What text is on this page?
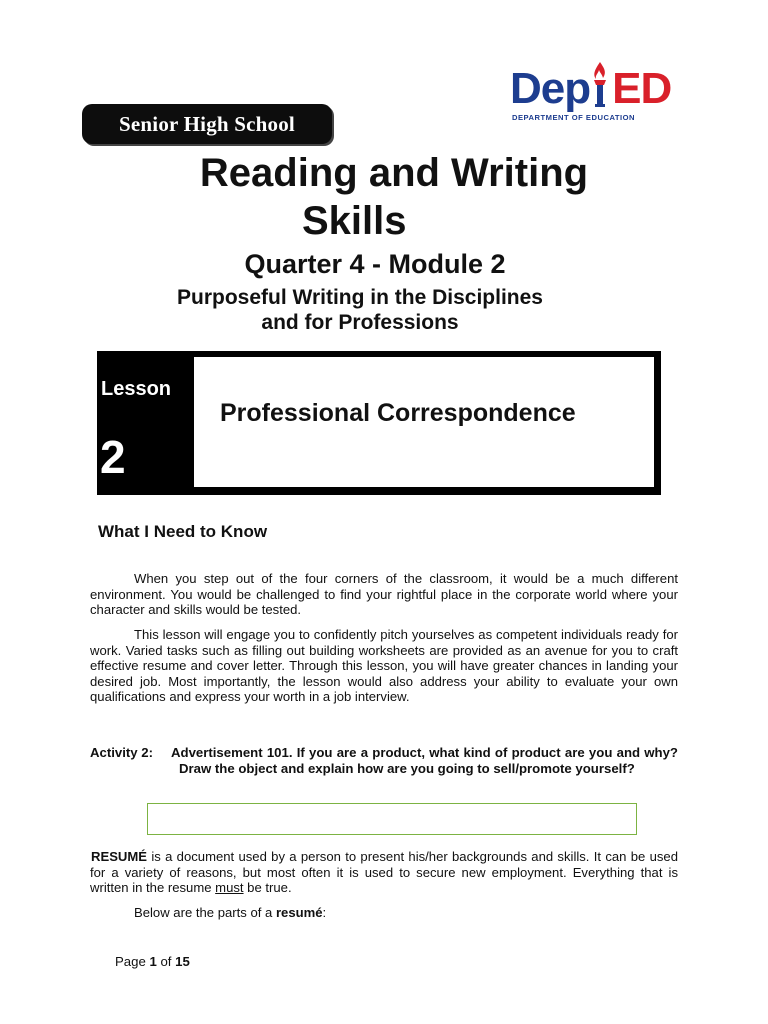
Senior High School
Dep ED
DEPARTMENT OF EDUCATION
Reading and Writing
Skills
Quarter 4 - Module 2
Purposeful Writing in the Disciplines
and for Professions
Lesson
2
Professional Correspondence
What I Need to Know
When you step out of the four corners of the classroom, it would be a much different environment. You would be challenged to find your rightful place in the corporate world where your character and skills would be tested.
This lesson will engage you to confidently pitch yourselves as competent individuals ready for work. Varied tasks such as filling out building worksheets are provided as an avenue for you to craft effective resume and cover letter. Through this lesson, you will have greater chances in landing your desired job. Most importantly, the lesson would also address your ability to evaluate your own qualifications and express your worth in a job interview.
Activity 2: Advertisement 101. If you are a product, what kind of product are you and why? Draw the object and explain how are you going to sell/promote yourself?
RESUMÉ is a document used by a person to present his/her backgrounds and skills. It can be used for a variety of reasons, but most often it is used to secure new employment. Everything that is written in the resume must be true.
Below are the parts of a resumé:
Page 1 of 15
